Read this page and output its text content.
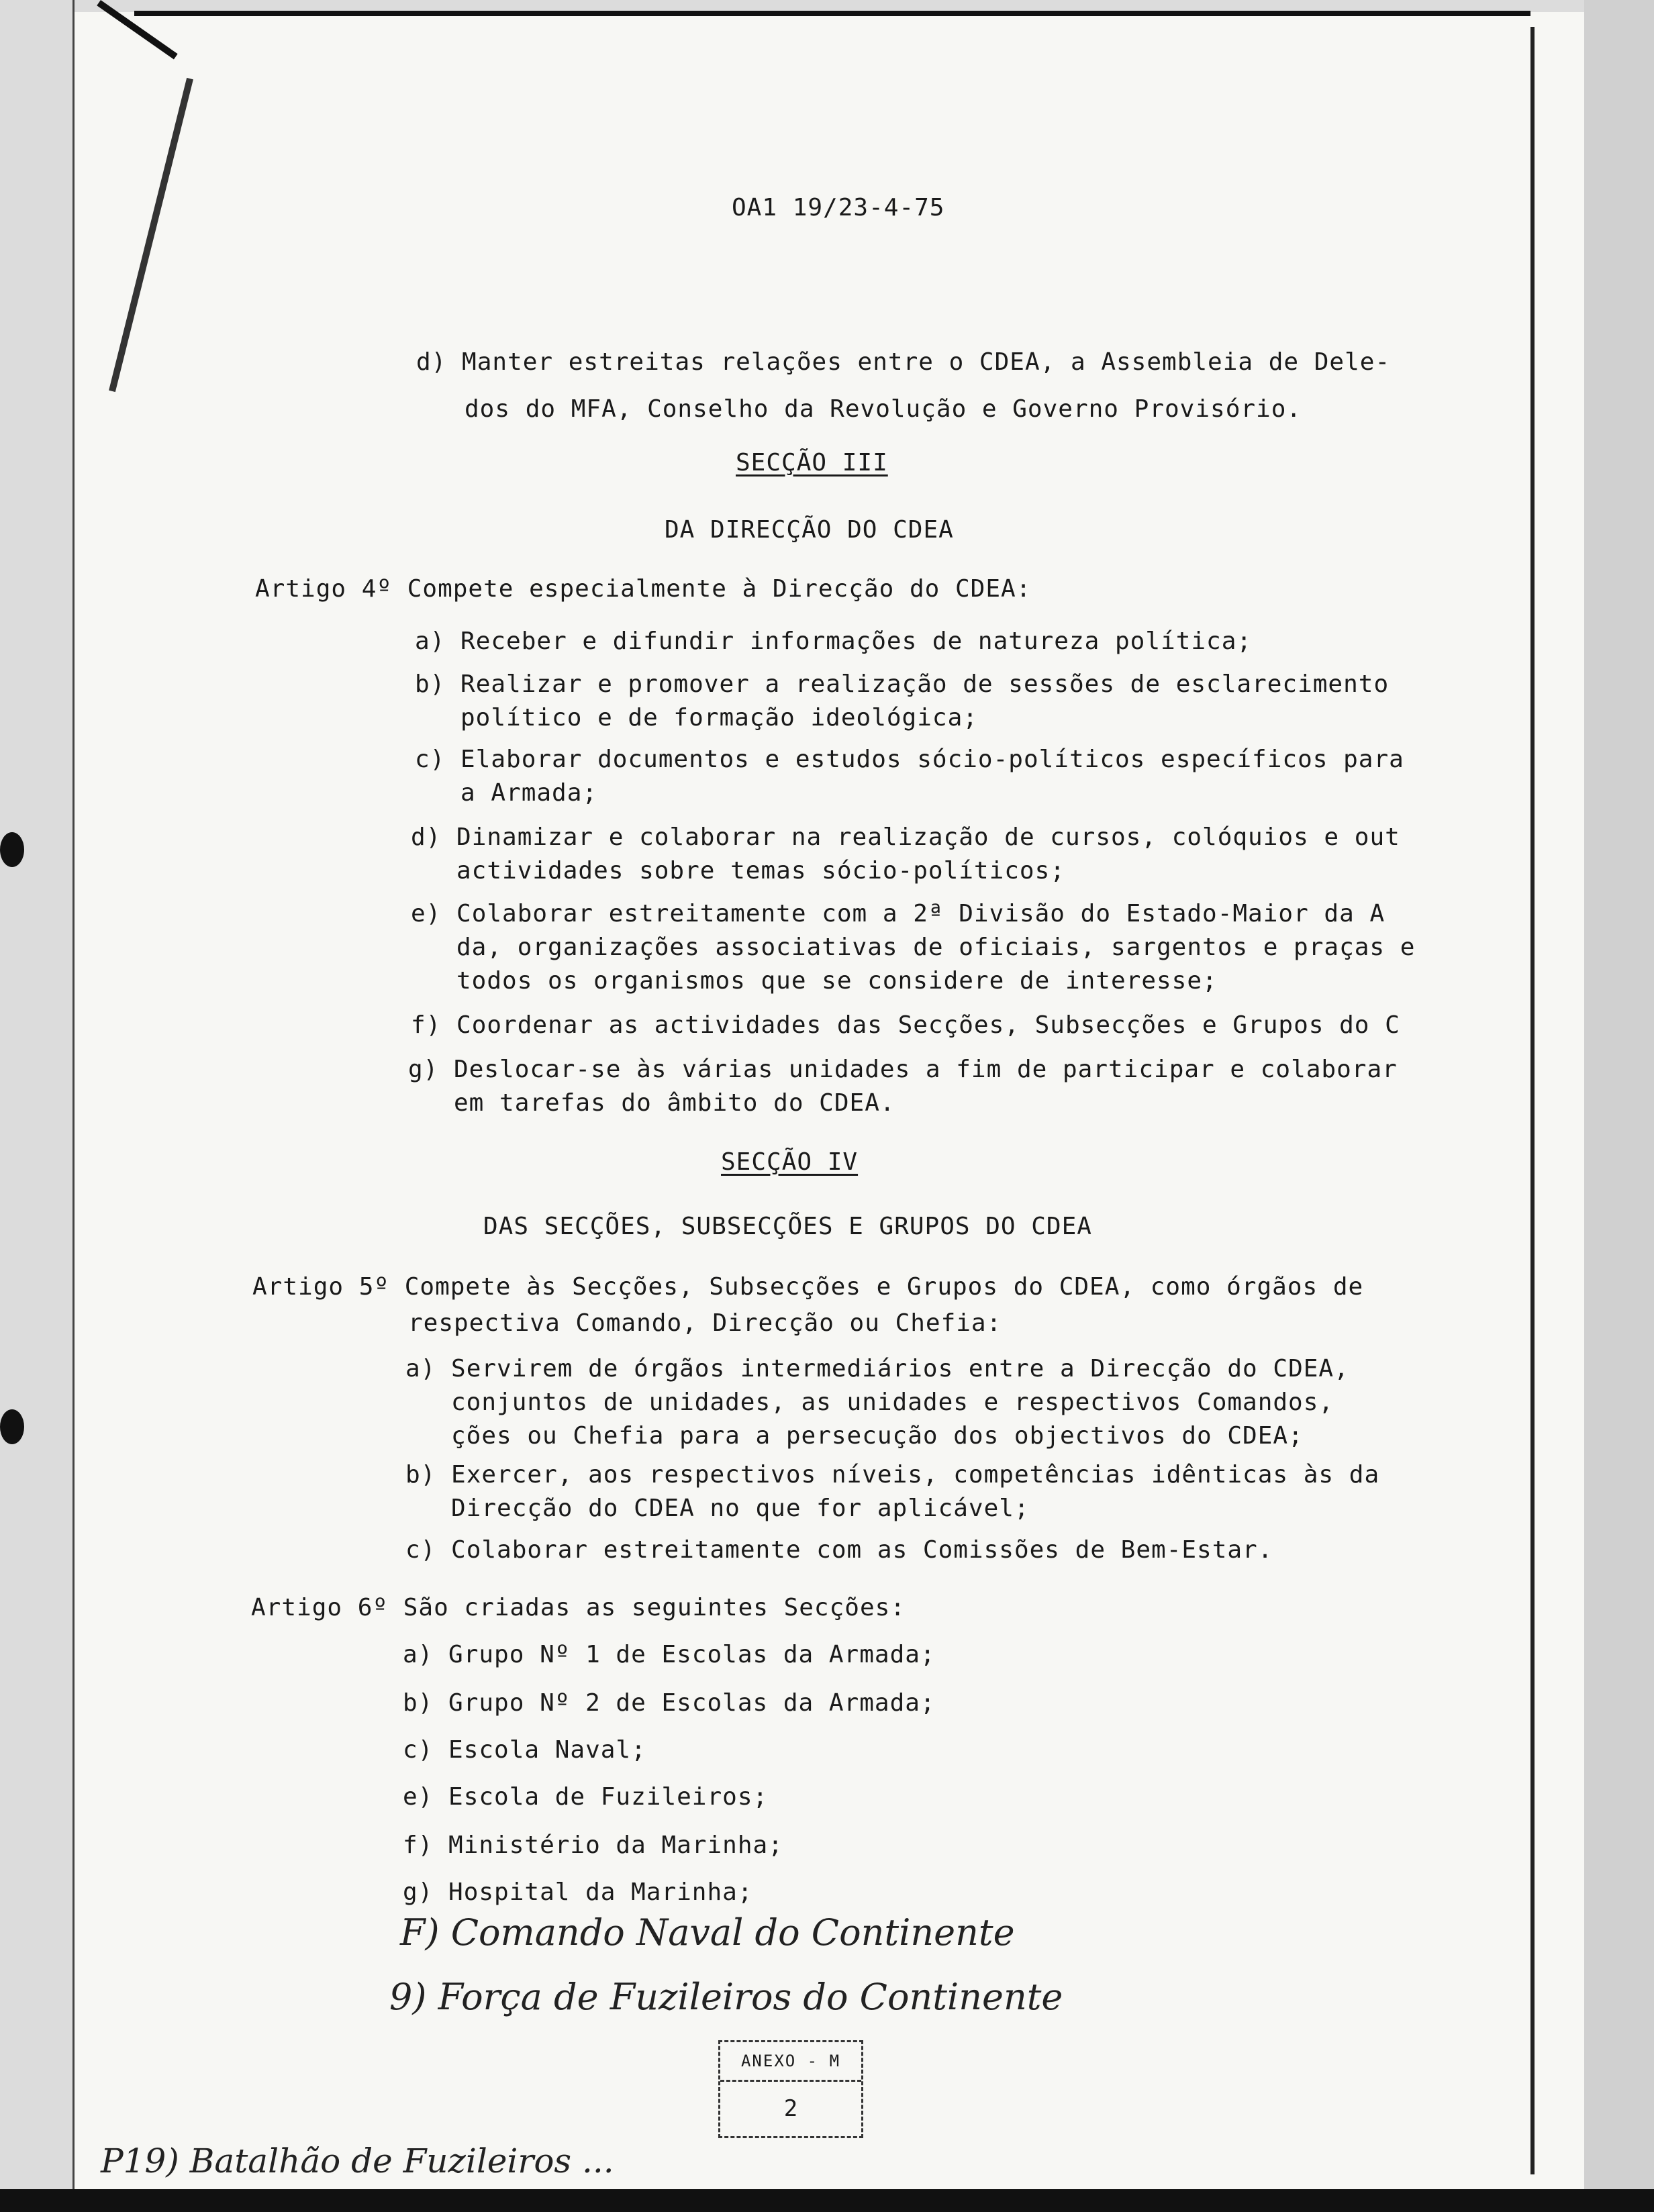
OA1 19/23-4-75
d) Manter estreitas relações entre o CDEA, a Assembleia de Dele-
dos do MFA, Conselho da Revolução e Governo Provisório.
SECÇÃO III
DA DIRECÇÃO DO CDEA
Artigo 4º Compete especialmente à Direcção do CDEA:
a) Receber e difundir informações de natureza política;
b) Realizar e promover a realização de sessões de esclarecimento
político e de formação ideológica;
c) Elaborar documentos e estudos sócio-políticos específicos para
a Armada;
d) Dinamizar e colaborar na realização de cursos, colóquios e out
actividades sobre temas sócio-políticos;
e) Colaborar estreitamente com a 2ª Divisão do Estado-Maior da A
da, organizações associativas de oficiais, sargentos e praças e
todos os organismos que se considere de interesse;
f) Coordenar as actividades das Secções, Subsecções e Grupos do C
g) Deslocar-se às várias unidades a fim de participar e colaborar
em tarefas do âmbito do CDEA.
SECÇÃO IV
DAS SECÇÕES, SUBSECÇÕES E GRUPOS DO CDEA
Artigo 5º Compete às Secções, Subsecções e Grupos do CDEA, como órgãos de
respectiva Comando, Direcção ou Chefia:
a) Servirem de órgãos intermediários entre a Direcção do CDEA,
conjuntos de unidades, as unidades e respectivos Comandos,
ções ou Chefia para a persecução dos objectivos do CDEA;
b) Exercer, aos respectivos níveis, competências idênticas às da
Direcção do CDEA no que for aplicável;
c) Colaborar estreitamente com as Comissões de Bem-Estar.
Artigo 6º São criadas as seguintes Secções:
a) Grupo Nº 1 de Escolas da Armada;
b) Grupo Nº 2 de Escolas da Armada;
c) Escola Naval;
e) Escola de Fuzileiros;
f) Ministério da Marinha;
g) Hospital da Marinha;
F) Comando Naval do Continente
9) Força de Fuzileiros do Continente
ANEXO - M
2
P19) Batalhão de Fuzileiros ...
